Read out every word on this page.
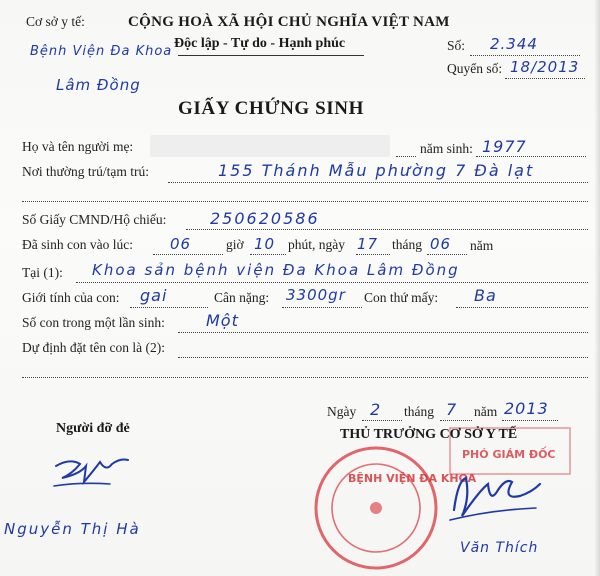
Cơ sở y tế:
Bệnh Viện Đa Khoa
Lâm Đồng
CỘNG HOÀ XÃ HỘI CHỦ NGHĨA VIỆT NAM
Độc lập - Tự do - Hạnh phúc	Số: 2.344
Quyển số: 18/2013
GIẤY CHỨNG SINH
Họ và tên người mẹ:	năm sinh: 1977
Nơi thường trú/tạm trú:	155 Thánh Mẫu phường 7 Đà lạt
Số Giấy CMND/Hộ chiếu:	250620586
Đã sinh con vào lúc: 06	giờ 10 phút, ngày 17 tháng 06 năm
Tại (1): Khoa sản bệnh viện Đa Khoa Lâm Đồng
Giới tính của con: gai	Cân nặng: 3300gr Con thứ mấy: Ba
Số con trong một lần sinh:	Một
Dự định đặt tên con là (2):
Ngày 2 tháng 7 năm 2013
Người đỡ đẻ
Nguyễn Thị Hà
BỆNH VIỆN ĐA KHOA
PHÓ GIÁM ĐỐC
THỦ TRƯỞNG CƠ SỞ Y TẾ
Văn Thích
